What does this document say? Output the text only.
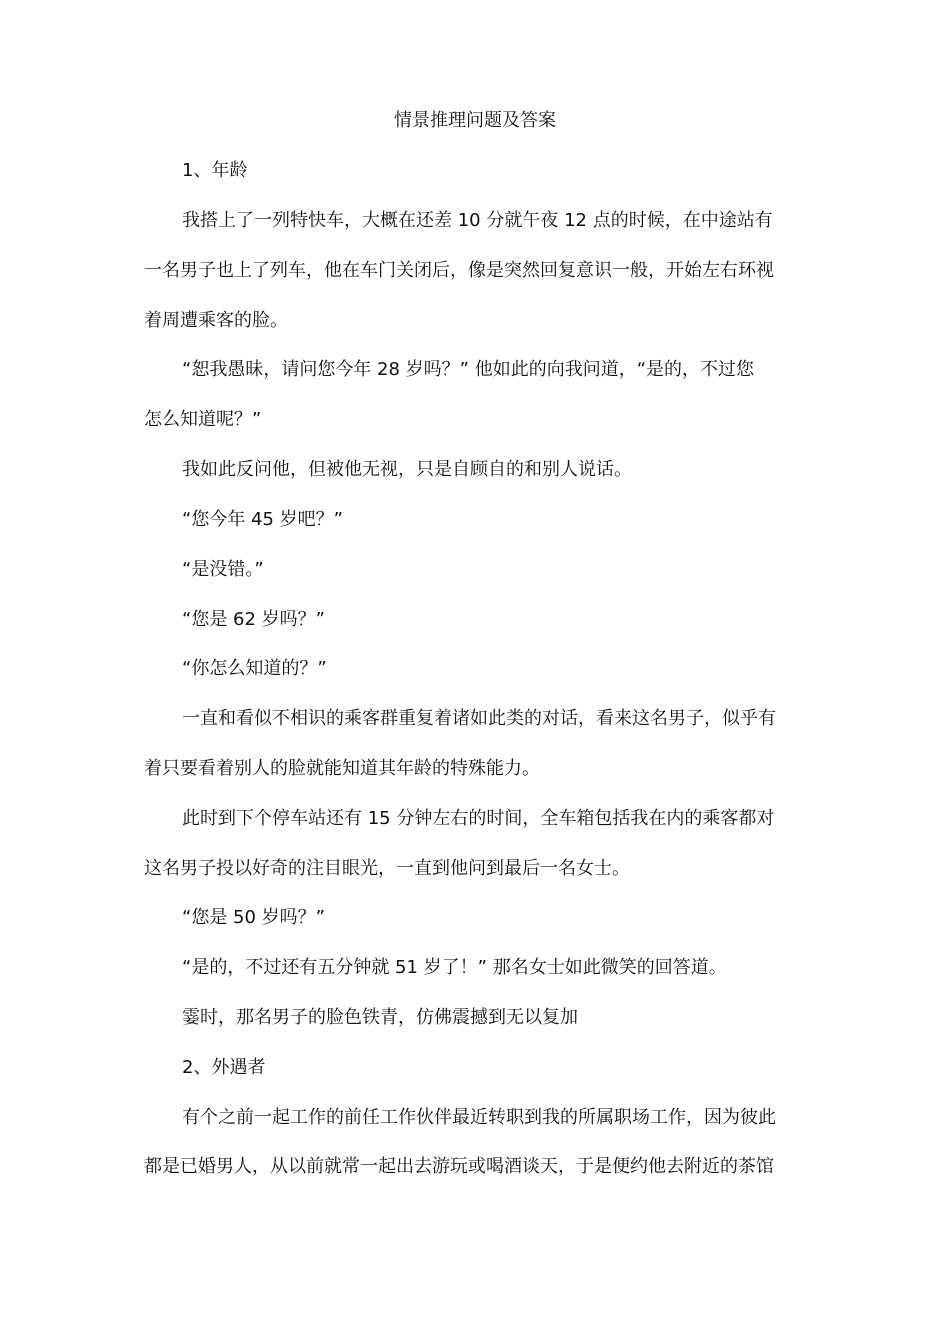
情景推理问题及答案
1、年龄
我搭上了一列特快车，大概在还差 10 分就午夜 12 点的时候，在中途站有
一名男子也上了列车，他在车门关闭后，像是突然回复意识一般，开始左右环视
着周遭乘客的脸。
“恕我愚昧，请问您今年 28 岁吗？” 他如此的向我问道，“是的，不过您
怎么知道呢？”
我如此反问他，但被他无视，只是自顾自的和别人说话。
“您今年 45 岁吧？”
“是没错。”
“您是 62 岁吗？”
“你怎么知道的？”
一直和看似不相识的乘客群重复着诸如此类的对话，看来这名男子，似乎有
着只要看着别人的脸就能知道其年龄的特殊能力。
此时到下个停车站还有 15 分钟左右的时间，全车箱包括我在内的乘客都对
这名男子投以好奇的注目眼光，一直到他问到最后一名女士。
“您是 50 岁吗？”
“是的，不过还有五分钟就 51 岁了！” 那名女士如此微笑的回答道。
霎时，那名男子的脸色铁青，仿佛震撼到无以复加
2、外遇者
有个之前一起工作的前任工作伙伴最近转职到我的所属职场工作，因为彼此
都是已婚男人，从以前就常一起出去游玩或喝酒谈天，于是便约他去附近的茶馆
